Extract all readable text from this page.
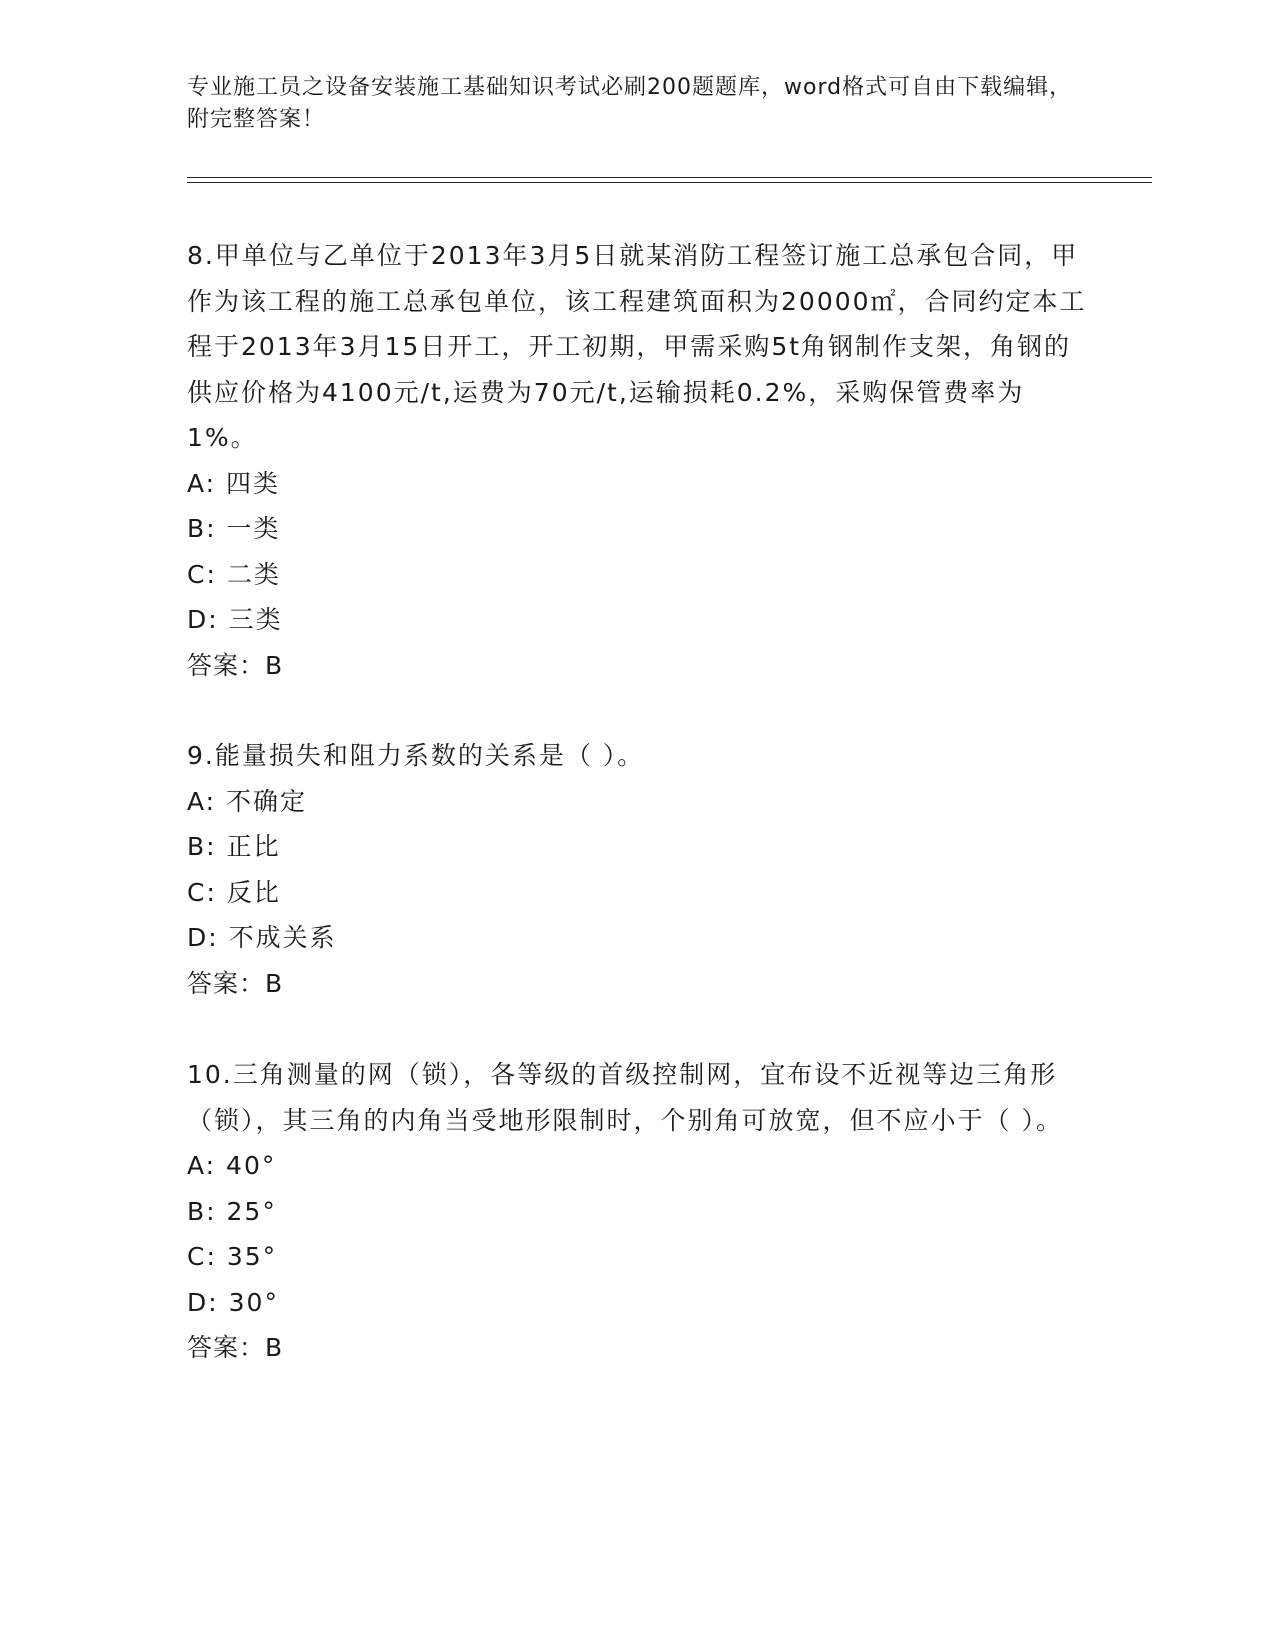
专业施工员之设备安装施工基础知识考试必刷200题题库，word格式可自由下载编辑，附完整答案！
8.甲单位与乙单位于2013年3月5日就某消防工程签订施工总承包合同，甲作为该工程的施工总承包单位，该工程建筑面积为20000㎡，合同约定本工程于2013年3月15日开工，开工初期，甲需采购5t角钢制作支架，角钢的供应价格为4100元/t,运费为70元/t,运输损耗0.2%，采购保管费率为1%。
A: 四类
B: 一类
C: 二类
D: 三类
答案：B
9.能量损失和阻力系数的关系是（ ）。
A: 不确定
B: 正比
C: 反比
D: 不成关系
答案：B
10.三角测量的网（锁），各等级的首级控制网，宜布设不近视等边三角形（锁），其三角的内角当受地形限制时，个别角可放宽，但不应小于（ ）。
A: 40°
B: 25°
C: 35°
D: 30°
答案：B
